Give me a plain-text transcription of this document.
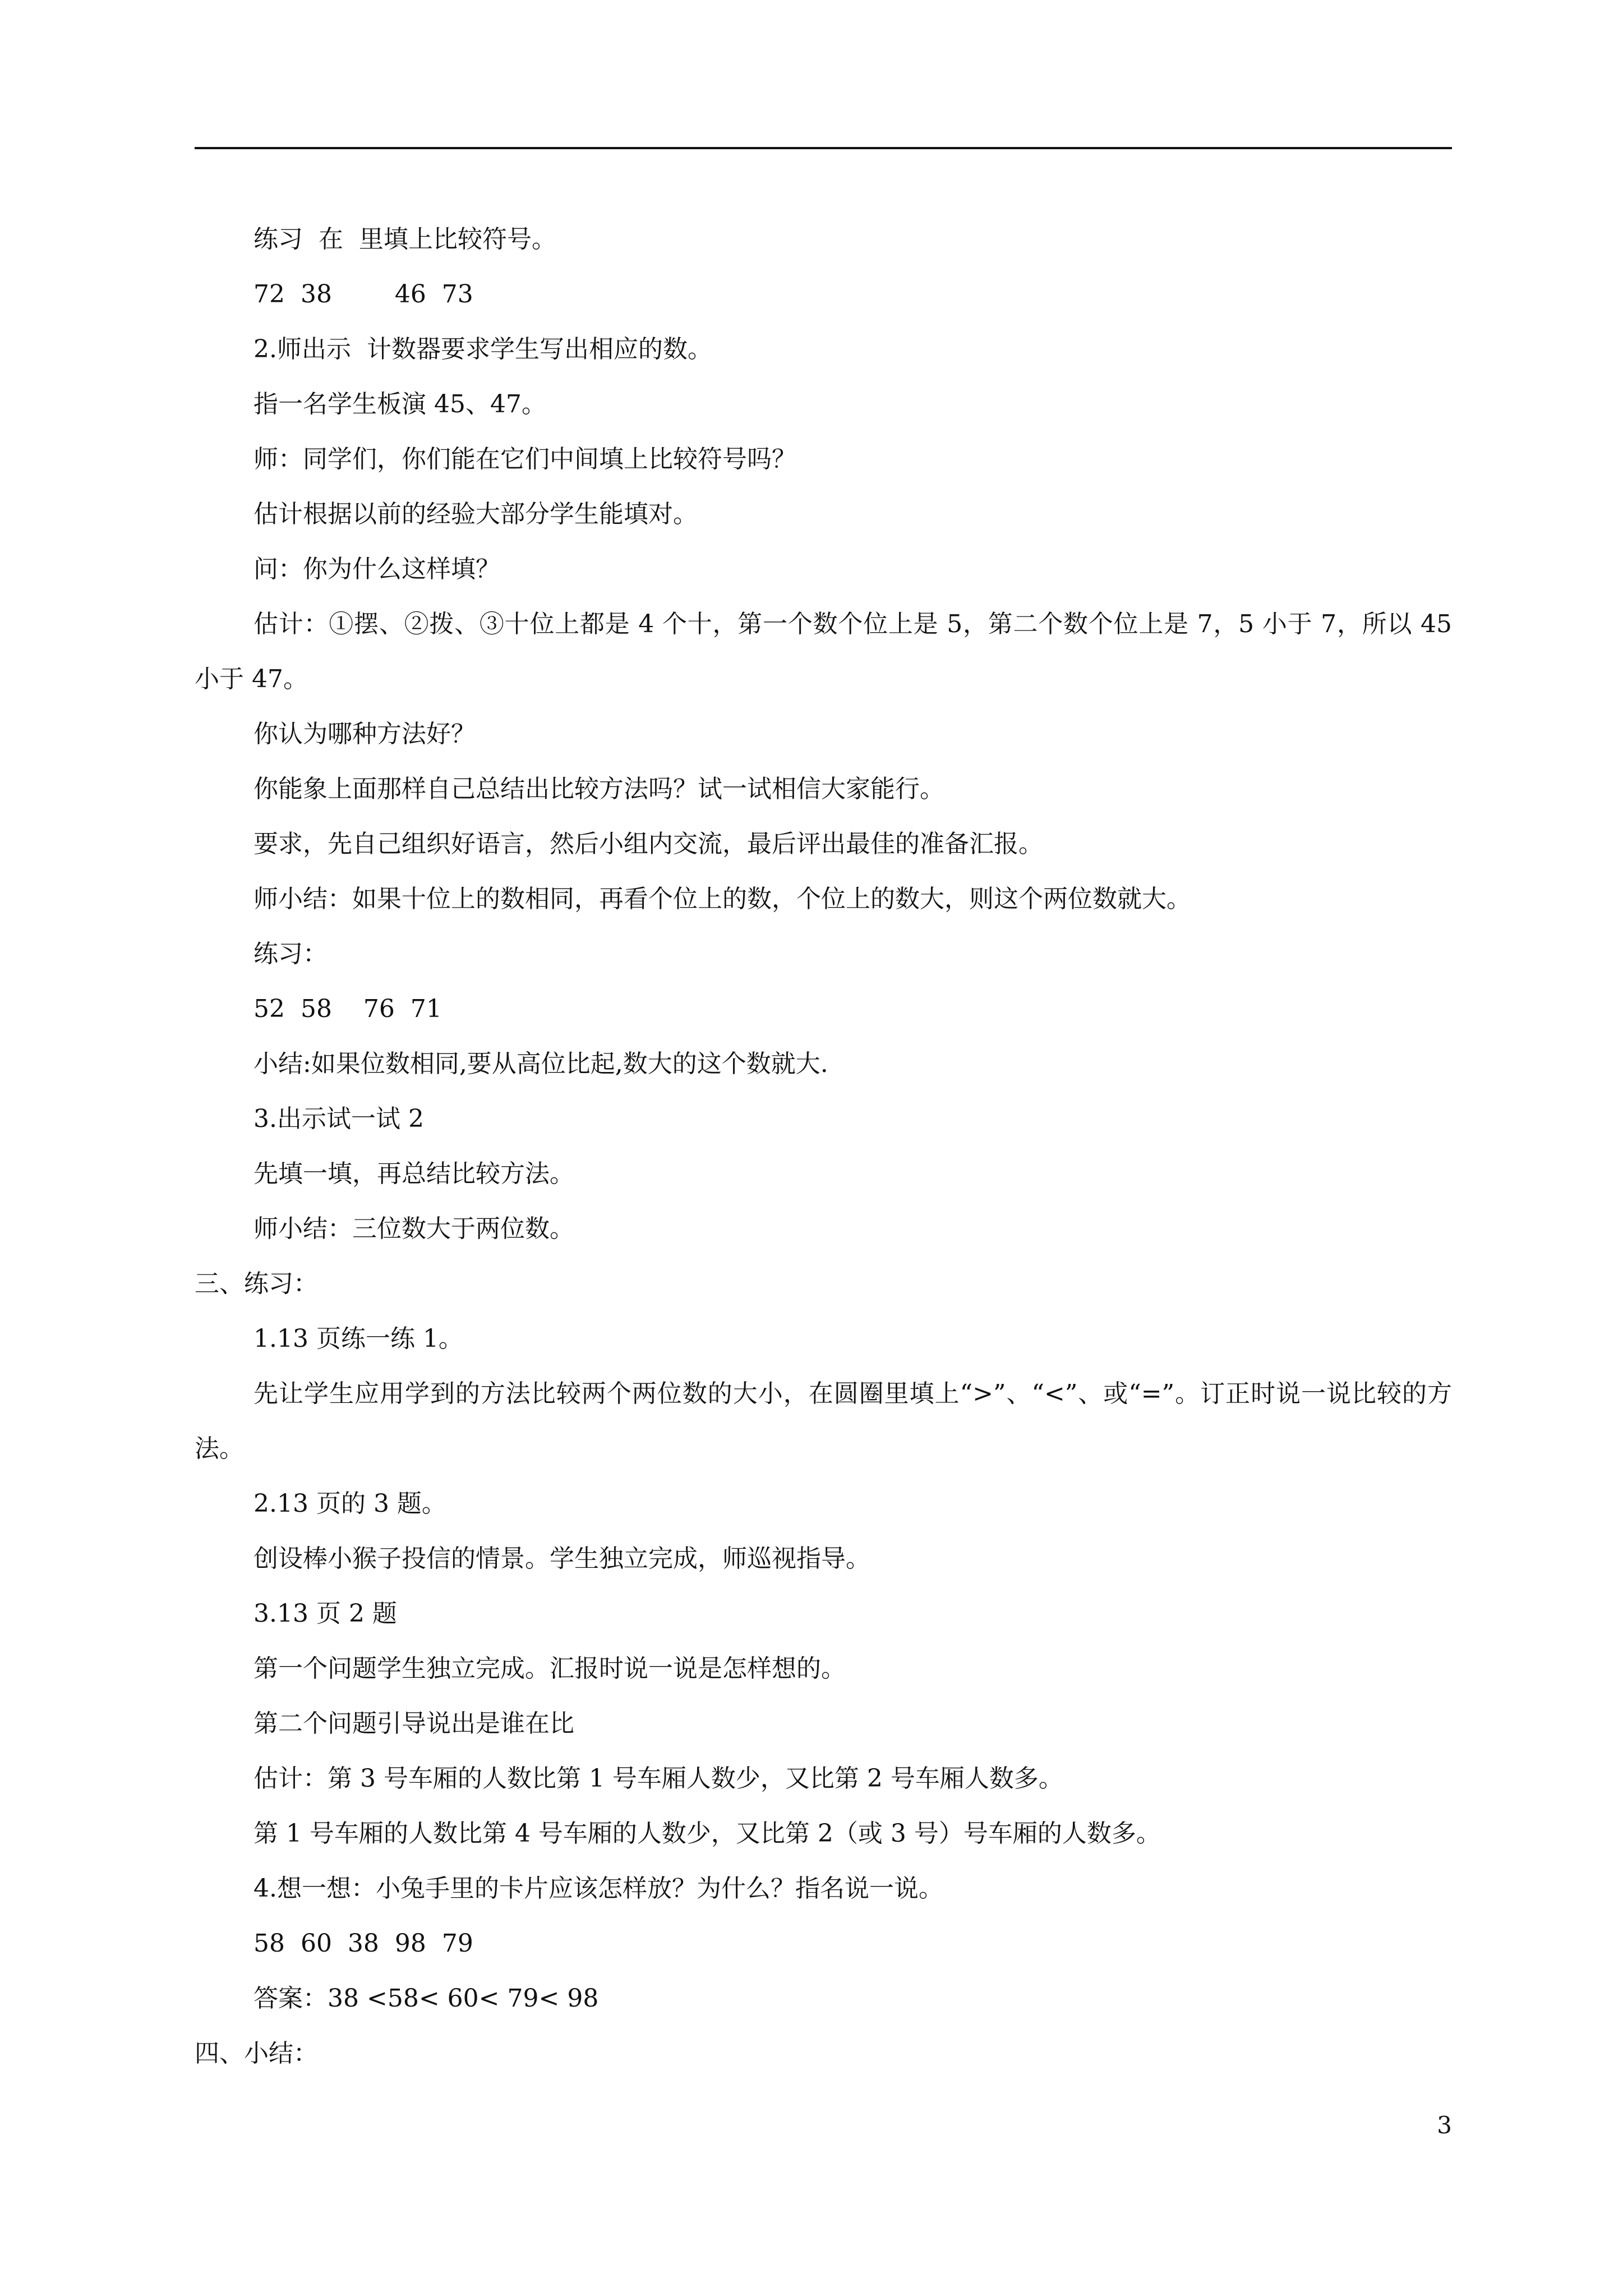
练习  在  里填上比较符号。

72  38        46  73

2.师出示  计数器要求学生写出相应的数。

指一名学生板演 45、47。

师：同学们，你们能在它们中间填上比较符号吗？

估计根据以前的经验大部分学生能填对。

问：你为什么这样填？

估计：①摆、②拨、③十位上都是 4 个十，第一个数个位上是 5，第二个数个位上是 7，5 小于 7，所以 45 小于 47。

你认为哪种方法好？

你能象上面那样自己总结出比较方法吗？试一试相信大家能行。

要求，先自己组织好语言，然后小组内交流，最后评出最佳的准备汇报。

师小结：如果十位上的数相同，再看个位上的数，个位上的数大，则这个两位数就大。

练习：

52  58    76  71

小结:如果位数相同,要从高位比起,数大的这个数就大.

3.出示试一试 2

先填一填，再总结比较方法。

师小结：三位数大于两位数。

三、练习：

1.13 页练一练 1。

先让学生应用学到的方法比较两个两位数的大小，在圆圈里填上“>”、“<”、或“=”。订正时说一说比较的方法。

2.13 页的 3 题。

创设棒小猴子投信的情景。学生独立完成，师巡视指导。

3.13 页 2 题

第一个问题学生独立完成。汇报时说一说是怎样想的。

第二个问题引导说出是谁在比

估计：第 3 号车厢的人数比第 1 号车厢人数少，又比第 2 号车厢人数多。

第 1 号车厢的人数比第 4 号车厢的人数少，又比第 2（或 3 号）号车厢的人数多。

4.想一想：小兔手里的卡片应该怎样放？为什么？指名说一说。

58  60  38  98  79

答案：38 <58< 60< 79< 98

四、小结：

3
